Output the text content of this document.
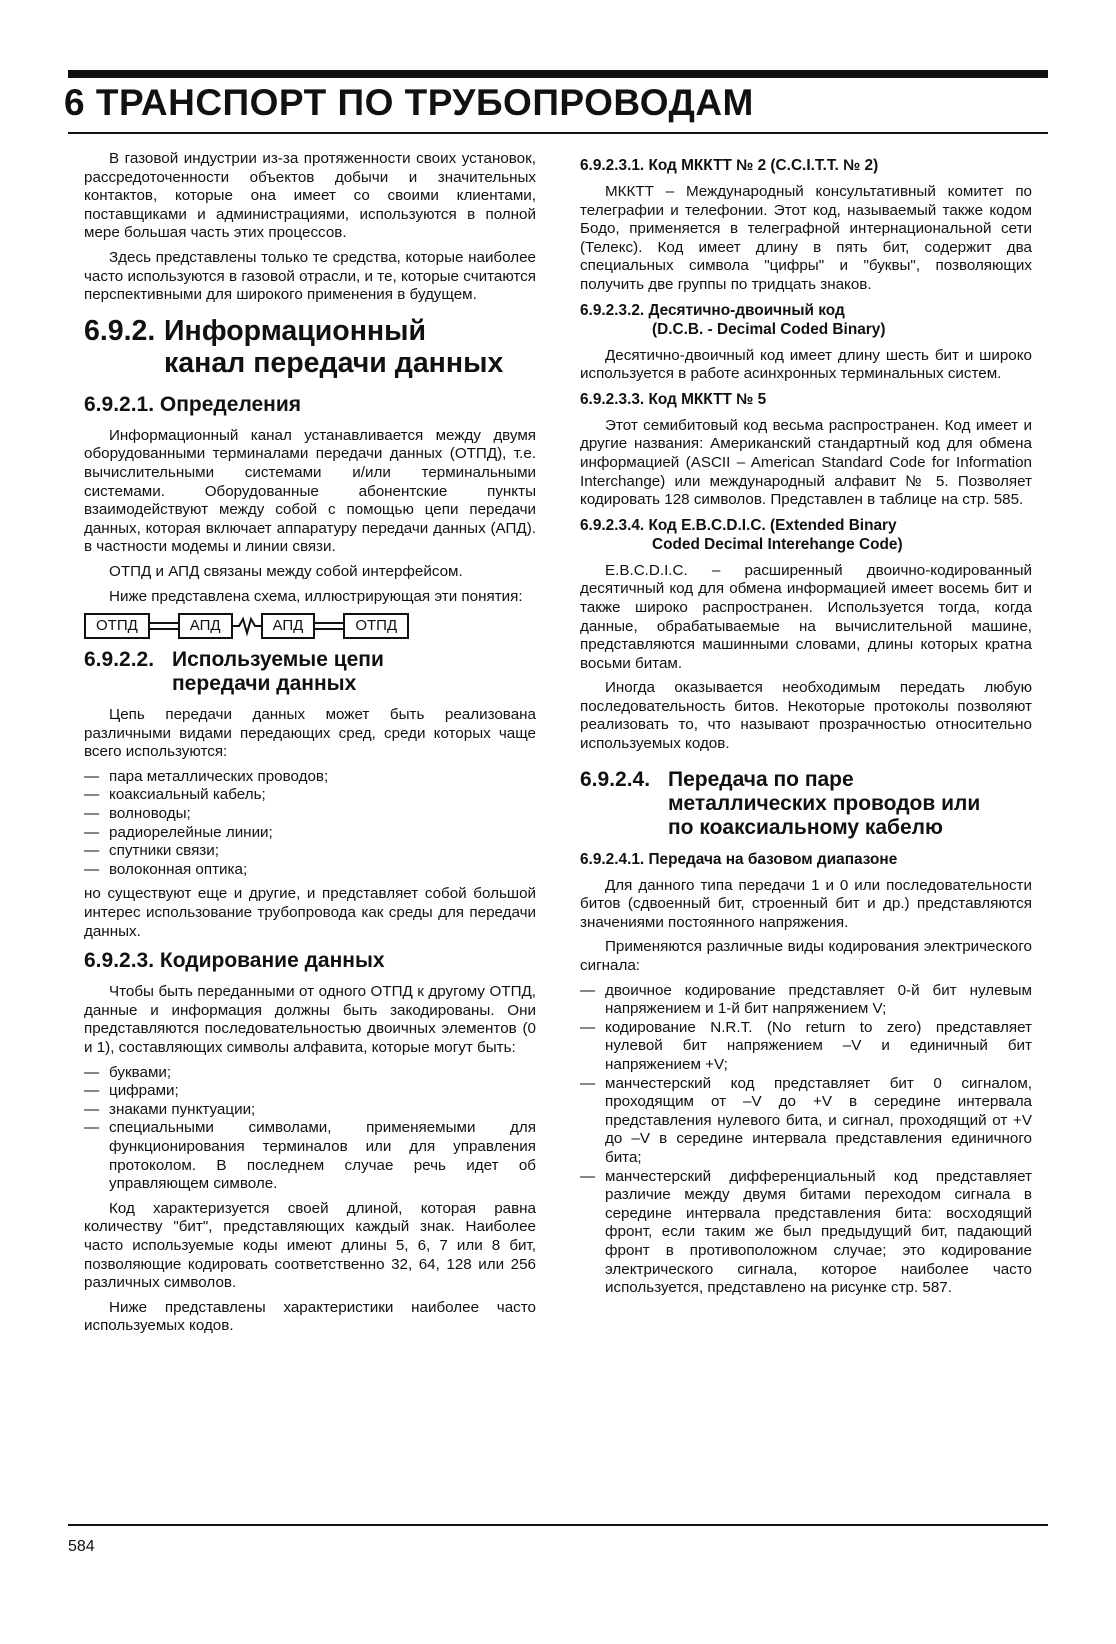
6 ТРАНСПОРТ ПО ТРУБОПРОВОДАМ

В газовой индустрии из-за протяженности своих установок, рассредоточенности объектов добычи и значительных контактов, которые она имеет со своими клиентами, поставщиками и администрациями, используются в полной мере большая часть этих процессов.

Здесь представлены только те средства, которые наиболее часто используются в газовой отрасли, и те, которые считаются перспективными для широкого применения в будущем.

6.9.2. Информационный
канал передачи данных
6.9.2.1. Определения

Информационный канал устанавливается между двумя оборудованными терминалами передачи данных (ОТПД), т.е. вычислительными системами и/или терминальными системами. Оборудованные абонентские пункты взаимодействуют между собой с помощью цепи передачи данных, которая включает аппаратуру передачи данных (АПД). в частности модемы и линии связи.

ОТПД и АПД связаны между собой интерфейсом.

Ниже представлена схема, иллюстрирующая эти понятия:

ОТПД	АПД	АПД	ОТПД
6.9.2.2. Используемые цепи
передачи данных

Цепь передачи данных может быть реализована различными видами передающих сред, среди которых чаще всего используются:

— пара металлических проводов;
— коаксиальный кабель;
— волноводы;
— радиорелейные линии;
— спутники связи;
— волоконная оптика;

но существуют еще и другие, и представляет собой большой интерес использование трубопровода как среды для передачи данных.

6.9.2.3. Кодирование данных

Чтобы быть переданными от одного ОТПД к другому ОТПД, данные и информация должны быть закодированы. Они представляются последовательностью двоичных элементов (0 и 1), составляющих символы алфавита, которые могут быть:

— буквами;
— цифрами;
— знаками пунктуации;
— специальными символами, применяемыми для функционирования терминалов или для управления протоколом. В последнем случае речь идет об управляющем символе.

Код характеризуется своей длиной, которая равна количеству "бит", представляющих каждый знак. Наиболее часто используемые коды имеют длины 5, 6, 7 или 8 бит, позволяющие кодировать соответственно 32, 64, 128 или 256 различных символов.

Ниже представлены характеристики наиболее часто используемых кодов.

6.9.2.3.1. Код МККТТ № 2 (C.C.I.T.T. № 2)

МККТТ – Международный консультативный комитет по телеграфии и телефонии. Этот код, называемый также кодом Бодо, применяется в телеграфной интернациональной сети (Телекс). Код имеет длину в пять бит, содержит два специальных символа "цифры" и "буквы", позволяющих получить две группы по тридцать знаков.

6.9.2.3.2. Десятично-двоичный код
(D.C.B. - Decimal Coded Binary)

Десятично-двоичный код имеет длину шесть бит и широко используется в работе асинхронных терминальных систем.

6.9.2.3.3. Код МККТТ № 5

Этот семибитовый код весьма распространен. Код имеет и другие названия: Американский стандартный код для обмена информацией (ASCII – American Standard Code for Information Interchange) или международный алфавит № 5. Позволяет кодировать 128 символов. Представлен в таблице на стр. 585.

6.9.2.3.4. Код E.B.C.D.I.C. (Extended Binary
Coded Decimal Interehange Code)

E.B.C.D.I.C. – расширенный двоично-кодированный десятичный код для обмена информацией имеет восемь бит и также широко распространен. Используется тогда, когда данные, обрабатываемые на вычислительной машине, представляются машинными словами, длины которых кратна восьми битам.

Иногда оказывается необходимым передать любую последовательность битов. Некоторые протоколы позволяют реализовать то, что называют прозрачностью относительно используемых кодов.

6.9.2.4. Передача по паре
металлических проводов или
по коаксиальному кабелю
6.9.2.4.1. Передача на базовом диапазоне

Для данного типа передачи 1 и 0 или последовательности битов (сдвоенный бит, строенный бит и др.) представляются значениями постоянного напряжения.

Применяются различные виды кодирования электрического сигнала:

— двоичное кодирование представляет 0-й бит нулевым напряжением и 1-й бит напряжением V;
— кодирование N.R.T. (No return to zero) представляет нулевой бит напряжением –V и единичный бит напряжением +V;
— манчестерский код представляет бит 0 сигналом, проходящим от –V до +V в середине интервала представления нулевого бита, и сигнал, проходящий от +V до –V в середине интервала представления единичного бита;
— манчестерский дифференциальный код представляет различие между двумя битами переходом сигнала в середине интервала представления бита: восходящий фронт, если таким же был предыдущий бит, падающий фронт в противоположном случае; это кодирование электрического сигнала, которое наиболее часто используется, представлено на рисунке стр. 587.
584
